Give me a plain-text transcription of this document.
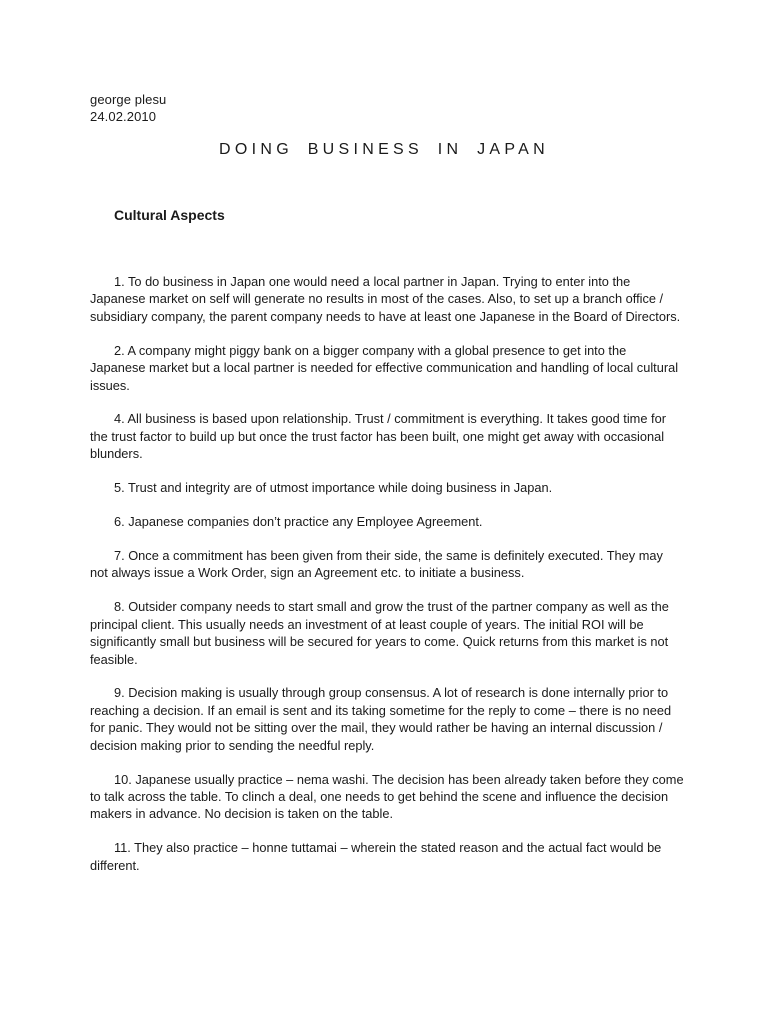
george plesu
24.02.2010
DOING BUSINESS IN JAPAN
Cultural Aspects

1. To do business in Japan one would need a local partner in Japan. Trying to enter into the Japanese market on self will generate no results in most of the cases. Also, to set up a branch office / subsidiary company, the parent company needs to have at least one Japanese in the Board of Directors.

2. A company might piggy bank on a bigger company with a global presence to get into the Japanese market but a local partner is needed for effective communication and handling of local cultural issues.

4. All business is based upon relationship. Trust / commitment is everything. It takes good time for the trust factor to build up but once the trust factor has been built, one might get away with occasional blunders.

5. Trust and integrity are of utmost importance while doing business in Japan.

6. Japanese companies don’t practice any Employee Agreement.

7. Once a commitment has been given from their side, the same is definitely executed. They may not always issue a Work Order, sign an Agreement etc. to initiate a business.

8. Outsider company needs to start small and grow the trust of the partner company as well as the principal client. This usually needs an investment of at least couple of years. The initial ROI will be significantly small but business will be secured for years to come. Quick returns from this market is not feasible.

9. Decision making is usually through group consensus. A lot of research is done internally prior to reaching a decision. If an email is sent and its taking sometime for the reply to come – there is no need for panic. They would not be sitting over the mail, they would rather be having an internal discussion / decision making prior to sending the needful reply.

10. Japanese usually practice – nema washi. The decision has been already taken before they come to talk across the table. To clinch a deal, one needs to get behind the scene and influence the decision makers in advance. No decision is taken on the table.

11. They also practice – honne tuttamai – wherein the stated reason and the actual fact would be different.
